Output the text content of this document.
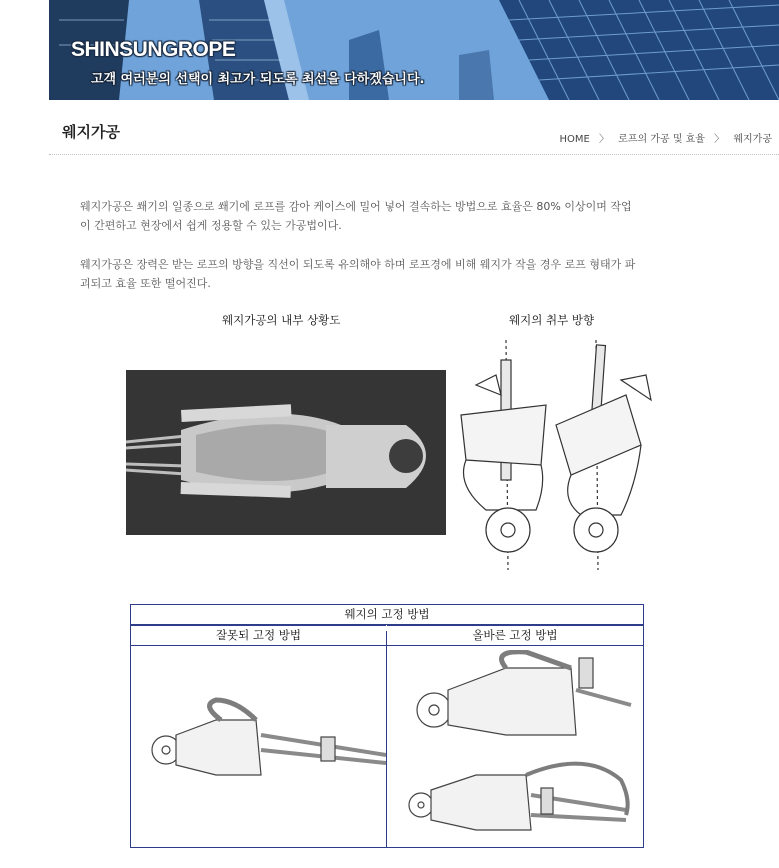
SHINSUNGROPE
고객 여러분의 선택이 최고가 되도록 최선을 다하겠습니다.
웨지가공	HOME 〉 로프의 가공 및 효율 〉 웨지가공
웨지가공은 쐐기의 일종으로 쐐기에 로프를 감아 케이스에 밀어 넣어 결속하는 방법으로 효율은 80% 이상이며 작업
이 간편하고 현장에서 쉽게 정용할 수 있는 가공법이다.
웨지가공은 장력은 받는 로프의 방향을 직선이 되도록 유의해야 하며 로프경에 비해 웨지가 작을 경우 로프 형태가 파
괴되고 효율 또한 떨어진다.
웨지가공의 내부 상황도	웨지의 취부 방향
웨지의 고정 방법
잘못되 고정 방법	올바른 고정 방법
